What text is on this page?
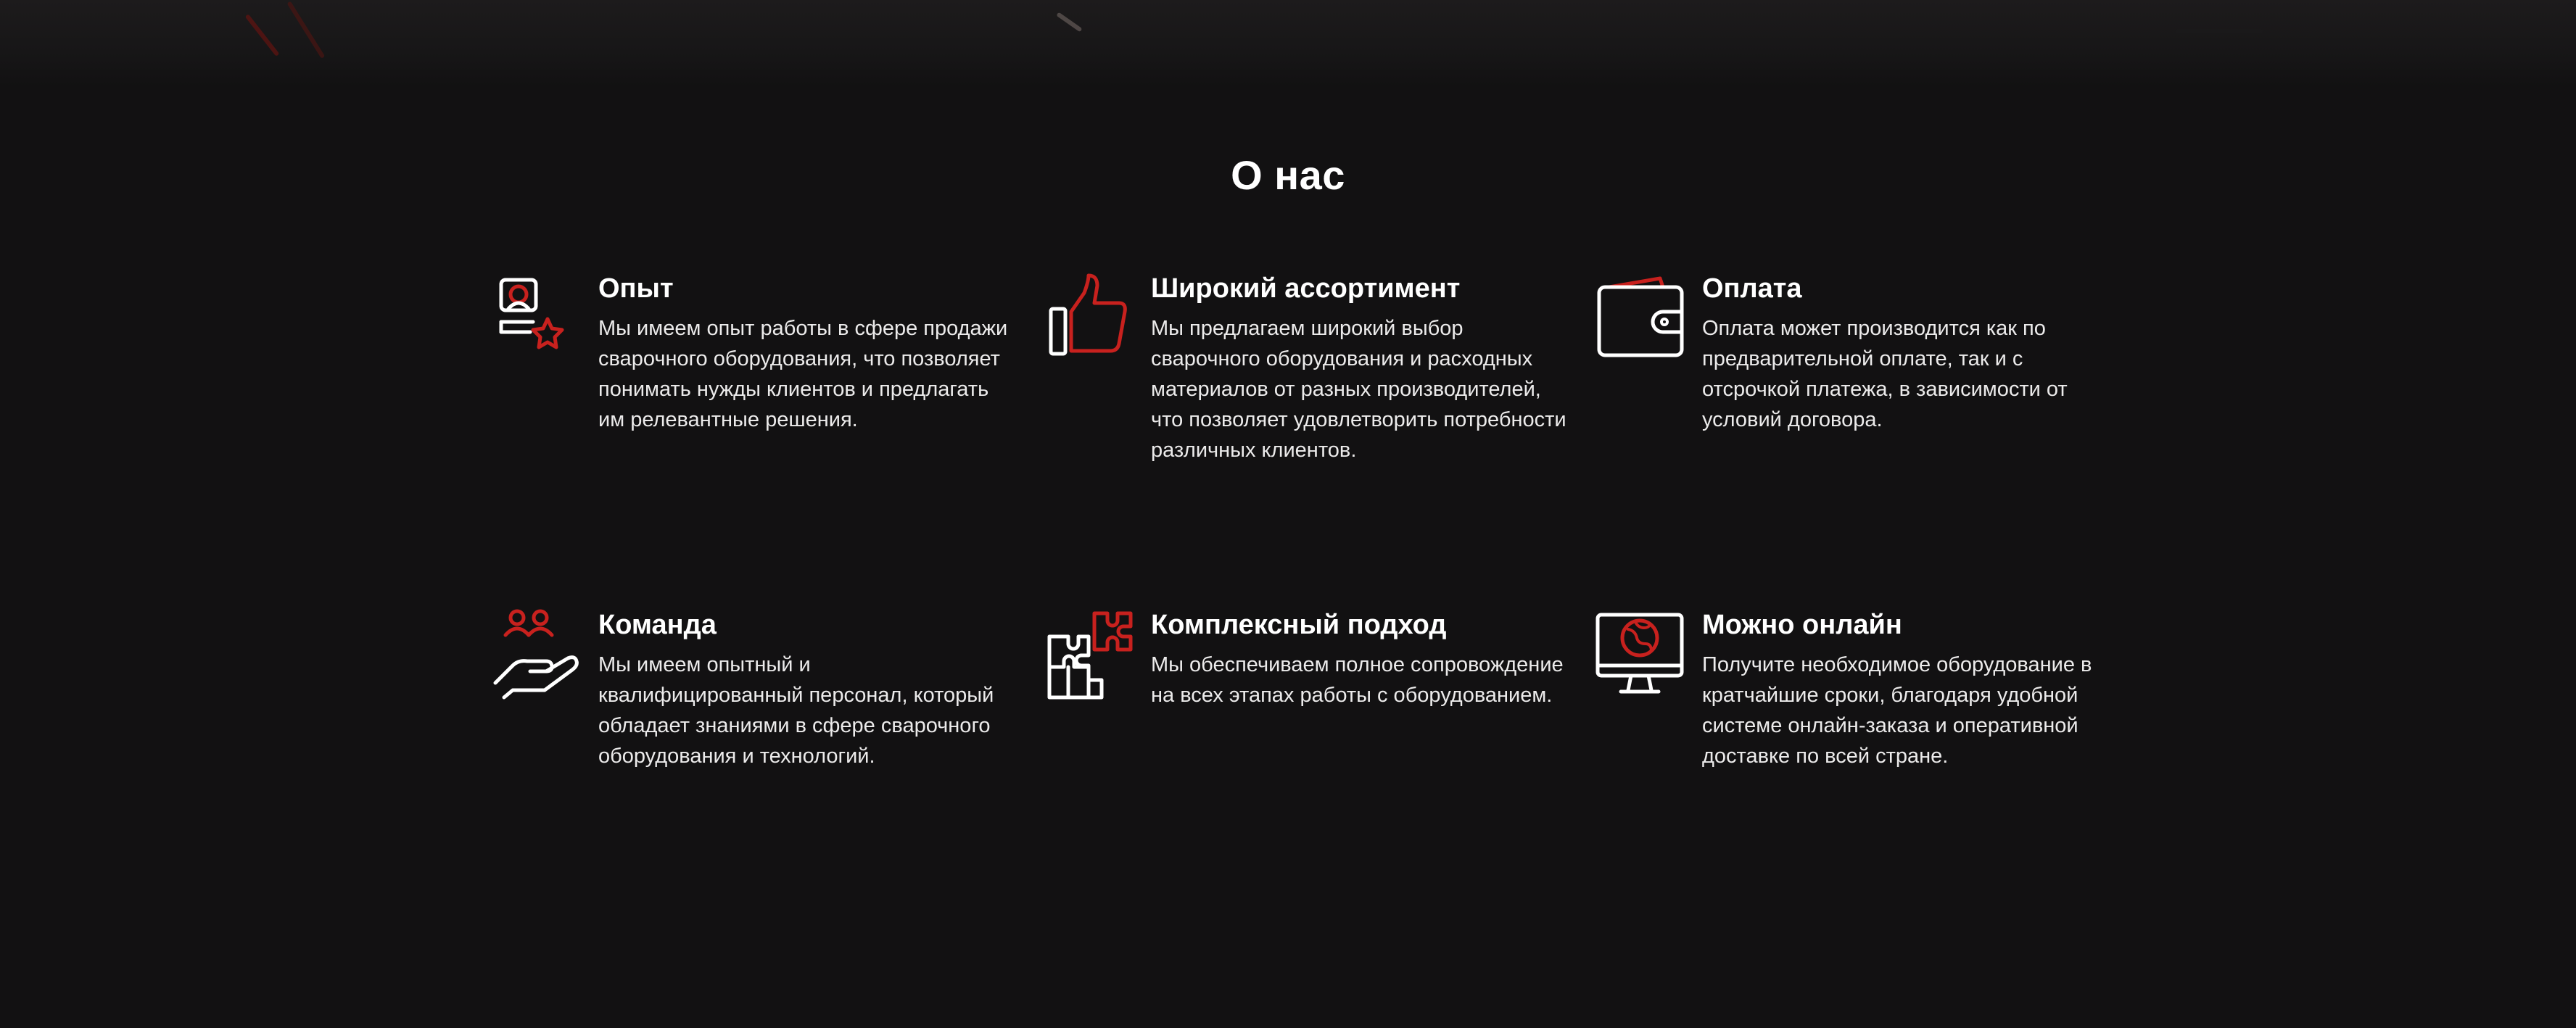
О нас
Опыт

Мы имеем опыт работы в сфере продажи сварочного оборудования, что позволяет понимать нужды клиентов и предлагать им релевантные решения.

Широкий ассортимент

Мы предлагаем широкий выбор сварочного оборудования и расходных материалов от разных производителей, что позволяет удовлетворить потребности различных клиентов.

Оплата

Оплата может производится как по предварительной оплате, так и с отсрочкой платежа, в зависимости от условий договора.

Команда

Мы имеем опытный и квалифицированный персонал, который обладает знаниями в сфере сварочного оборудования и технологий.

Комплексный подход

Мы обеспечиваем полное сопровождение на всех этапах работы с оборудованием.

Можно онлайн

Получите необходимое оборудование в кратчайшие сроки, благодаря удобной системе онлайн-заказа и оперативной доставке по всей стране.
